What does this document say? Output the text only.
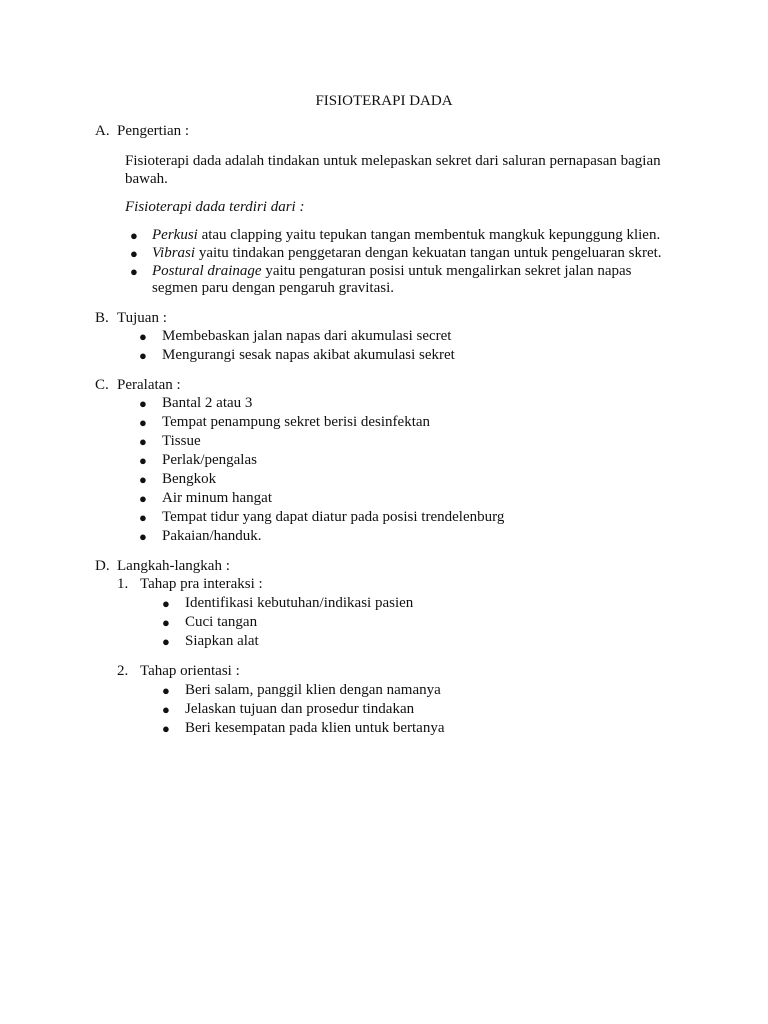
FISIOTERAPI DADA
A. Pengertian :
Fisioterapi dada adalah tindakan untuk melepaskan sekret dari saluran pernapasan bagian
bawah.
Fisioterapi dada terdiri dari :
● Perkusi atau clapping yaitu tepukan tangan membentuk mangkuk kepunggung klien.
● Vibrasi yaitu tindakan penggetaran dengan kekuatan tangan untuk pengeluaran skret.
● Postural drainage yaitu pengaturan posisi untuk mengalirkan sekret jalan napas
segmen paru dengan pengaruh gravitasi.
B. Tujuan :
● Membebaskan jalan napas dari akumulasi secret
● Mengurangi sesak napas akibat akumulasi sekret
C. Peralatan :
● Bantal 2 atau 3
● Tempat penampung sekret berisi desinfektan
● Tissue
● Perlak/pengalas
● Bengkok
● Air minum hangat
● Tempat tidur yang dapat diatur pada posisi trendelenburg
● Pakaian/handuk.
D. Langkah-langkah :
1. Tahap pra interaksi :
● Identifikasi kebutuhan/indikasi pasien
● Cuci tangan
● Siapkan alat
2. Tahap orientasi :
● Beri salam, panggil klien dengan namanya
● Jelaskan tujuan dan prosedur tindakan
● Beri kesempatan pada klien untuk bertanya
